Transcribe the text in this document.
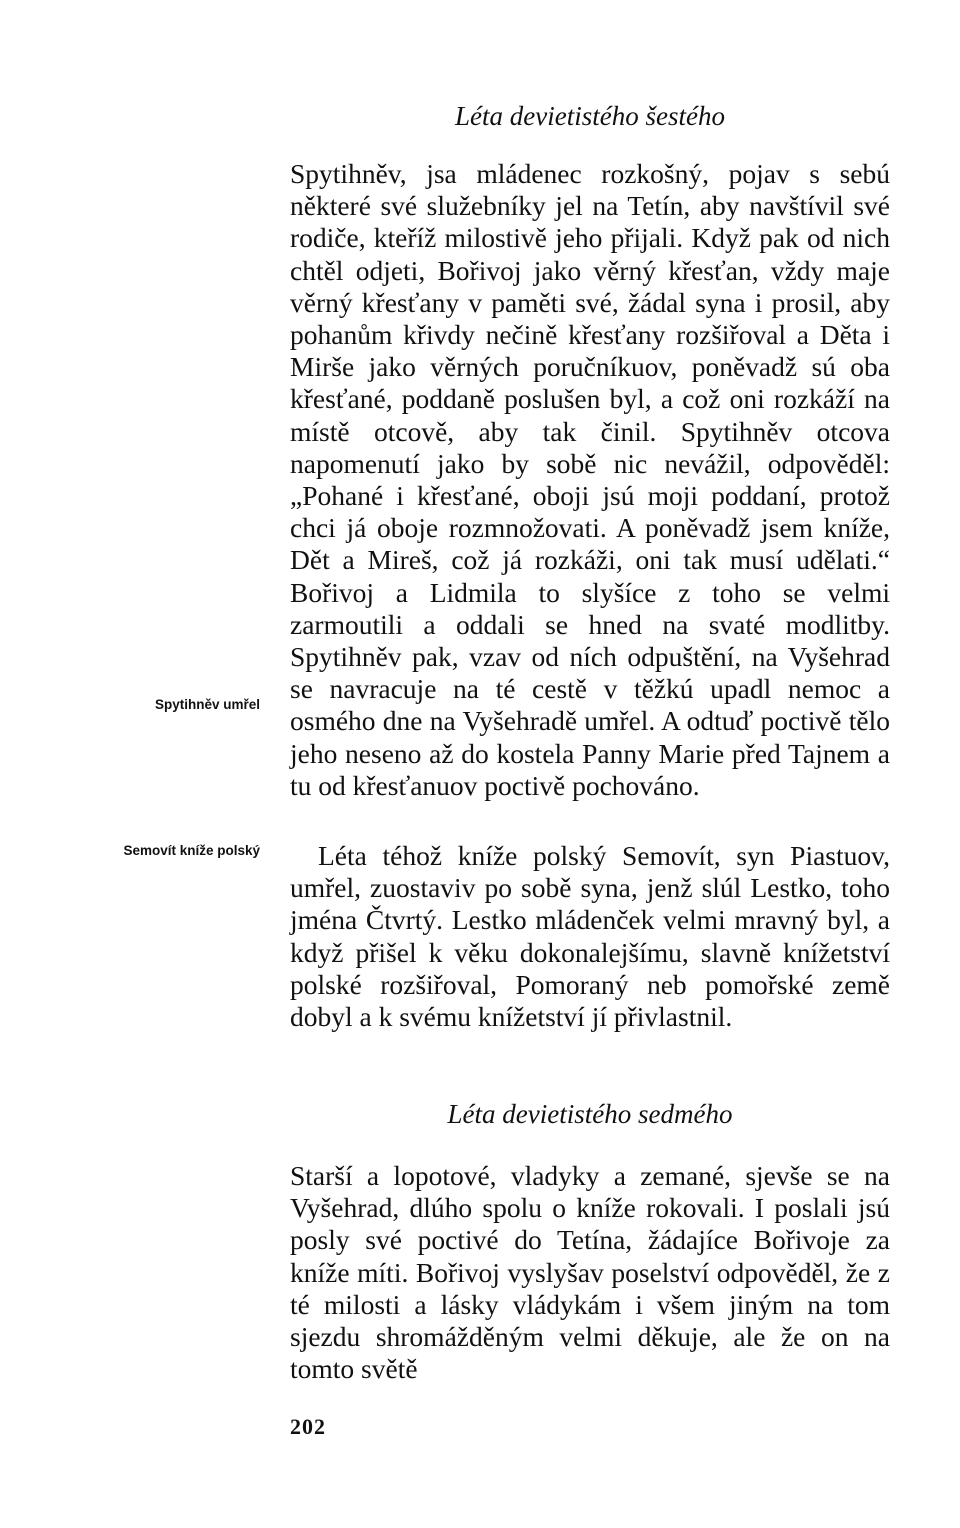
Léta devietistého šestého

Spytihněv, jsa mládenec rozkošný, pojav s sebú některé své služebníky jel na Tetín, aby navštívil své rodiče, kteříž milostivě jeho přijali. Když pak od nich chtěl odjeti, Bořivoj jako věrný křesťan, vždy maje věrný křesťany v paměti své, žádal syna i prosil, aby pohanům křivdy nečině křesťany rozšiřoval a Děta i Mirše jako věrných poručníkuov, poněvadž sú oba křesťané, poddaně poslušen byl, a což oni rozkáží na místě otcově, aby tak činil. Spytihněv otcova napomenutí jako by sobě nic nevážil, odpověděl: „Pohané i křesťané, oboji jsú moji poddaní, protož chci já oboje rozmnožovati. A poněvadž jsem kníže, Dět a Mireš, což já rozkáži, oni tak musí udělati.“ Bořivoj a Lidmila to slyšíce z toho se velmi zarmoutili a oddali se hned na svaté modlitby. Spytihněv pak, vzav od ních odpuštění, na Vyšehrad se navracuje na té cestě v těžkú upadl nemoc a osmého dne na Vyšehradě umřel. A odtuď poctivě tělo jeho neseno až do kostela Panny Marie před Tajnem a tu od křesťanuov poctivě pochováno.

Spytihněv umřel

Léta téhož kníže polský Semovít, syn Piastuov, umřel, zuostaviv po sobě syna, jenž slúl Lestko, toho jména Čtvrtý. Lestko mládenček velmi mravný byl, a když přišel k věku dokonalejšímu, slavně knížetství polské rozšiřoval, Pomoraný neb pomořské země dobyl a k svému knížetství jí přivlastnil.

Semovít kníže polský

Léta devietistého sedmého

Starší a lopotové, vladyky a zemané, sjevše se na Vyšehrad, dlúho spolu o kníže rokovali. I poslali jsú posly své poctivé do Tetína, žádajíce Bořivoje za kníže míti. Bořivoj vyslyšav poselství odpověděl, že z té milosti a lásky vládykám i všem jiným na tom sjezdu shromážděným velmi děkuje, ale že on na tomto světě

202
